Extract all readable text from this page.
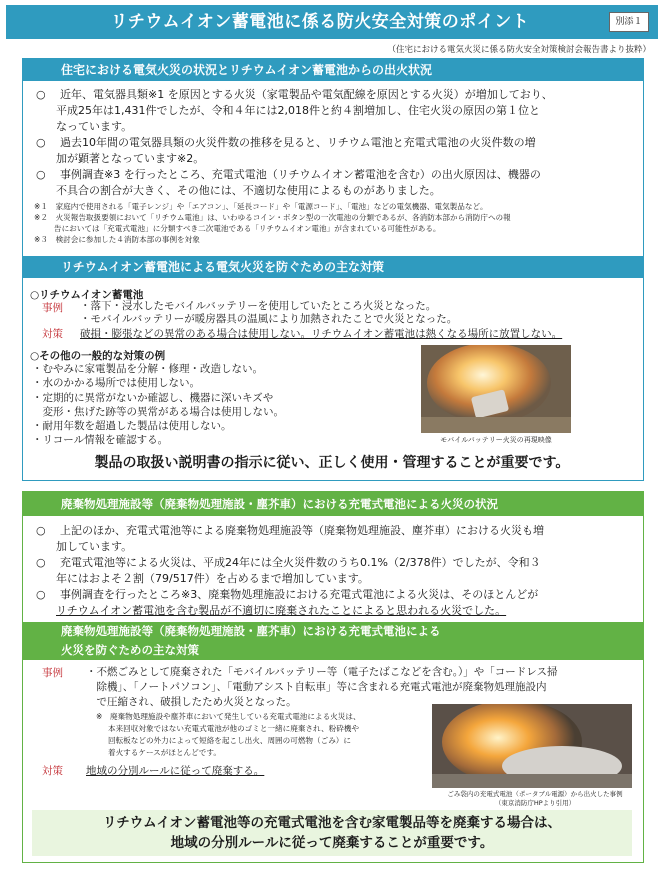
リチウムイオン蓄電池に係る防火安全対策のポイント	別添１
（住宅における電気火災に係る防火安全対策検討会報告書より抜粋）
住宅における電気火災の状況とリチウムイオン蓄電池からの出火状況
○	近年、電気器具類※1 を原因とする火災（家電製品や電気配線を原因とする火災）が増加しており、
平成25年は1,431件でしたが、令和４年には2,018件と約４割増加し、住宅火災の原因の第１位と
なっています。
○	過去10年間の電気器具類の火災件数の推移を見ると、リチウム電池と充電式電池の火災件数の増
加が顕著となっています※2。
○	事例調査※3 を行ったところ、充電式電池（リチウムイオン蓄電池を含む）の出火原因は、機器の
不具合の割合が大きく、その他には、不適切な使用によるものがありました。
※１　 家庭内で使用される「電子レンジ」や「エアコン」、「延長コード」や「電源コード」、「電池」などの電気機器、電気製品など。
※２　 火災報告取扱要領において「リチウム電池」は、いわゆるコイン・ボタン型の一次電池の分類であるが、各消防本部から消防庁への報
告においては「充電式電池」に分類すべき二次電池である「リチウムイオン電池」が含まれている可能性がある。
※３　 検討会に参加した４消防本部の事例を対象
リチウムイオン蓄電池による電気火災を防ぐための主な対策
○リチウムイオン蓄電池
事例 ・落下・浸水したモバイルバッテリーを使用していたところ火災となった。
・モバイルバッテリーが暖房器具の温風により加熱されたことで火災となった。
対策 破損・膨張などの異常のある場合は使用しない。リチウムイオン蓄電池は熱くなる場所に放置しない。
○その他の一般的な対策の例
・むやみに家電製品を分解・修理・改造しない。
・水のかかる場所では使用しない。
・定期的に異常がないか確認し、機器に深いキズや
　変形・焦げた跡等の異常がある場合は使用しない。
・耐用年数を超過した製品は使用しない。
・リコール情報を確認する。	モバイルバッテリー火災の再現映像
製品の取扱い説明書の指示に従い、正しく使用・管理することが重要です。
廃棄物処理施設等（廃棄物処理施設・塵芥車）における充電式電池による火災の状況
○	上記のほか、充電式電池等による廃棄物処理施設等（廃棄物処理施設、塵芥車）における火災も増
加しています。
○	充電式電池等による火災は、平成24年には全火災件数のうち0.1%（2/378件）でしたが、令和３
年にはおよそ２割（79/517件）を占めるまで増加しています。
○	事例調査を行ったところ※3、廃棄物処理施設における充電式電池による火災は、そのほとんどが
リチウムイオン蓄電池を含む製品が不適切に廃棄されたことによると思われる火災でした。
廃棄物処理施設等（廃棄物処理施設・塵芥車）における充電式電池による
火災を防ぐための主な対策
事例 ・不燃ごみとして廃棄された「モバイルバッテリー等（電子たばこなどを含む。）」や「コードレス掃
　除機」、「ノートパソコン」、「電動アシスト自転車」等に含まれる充電式電池が廃棄物処理施設内
　で圧縮され、破損したため火災となった。
※　廃棄物処理施設や塵芥車において発生している充電式電池による火災は、
本来回収対象ではない充電式電池が他のゴミと一緒に廃棄され、粉砕機や
回転板などの外力によって短絡を起こし出火、周囲の可燃物（ごみ）に
着火するケースがほとんどです。
ごみ袋内の充電式電池（ポータブル電源）から出火した事例
（東京消防庁HPより引用）
対策 地域の分別ルールに従って廃棄する。
リチウムイオン蓄電池等の充電式電池を含む家電製品等を廃棄する場合は、
地域の分別ルールに従って廃棄することが重要です。
